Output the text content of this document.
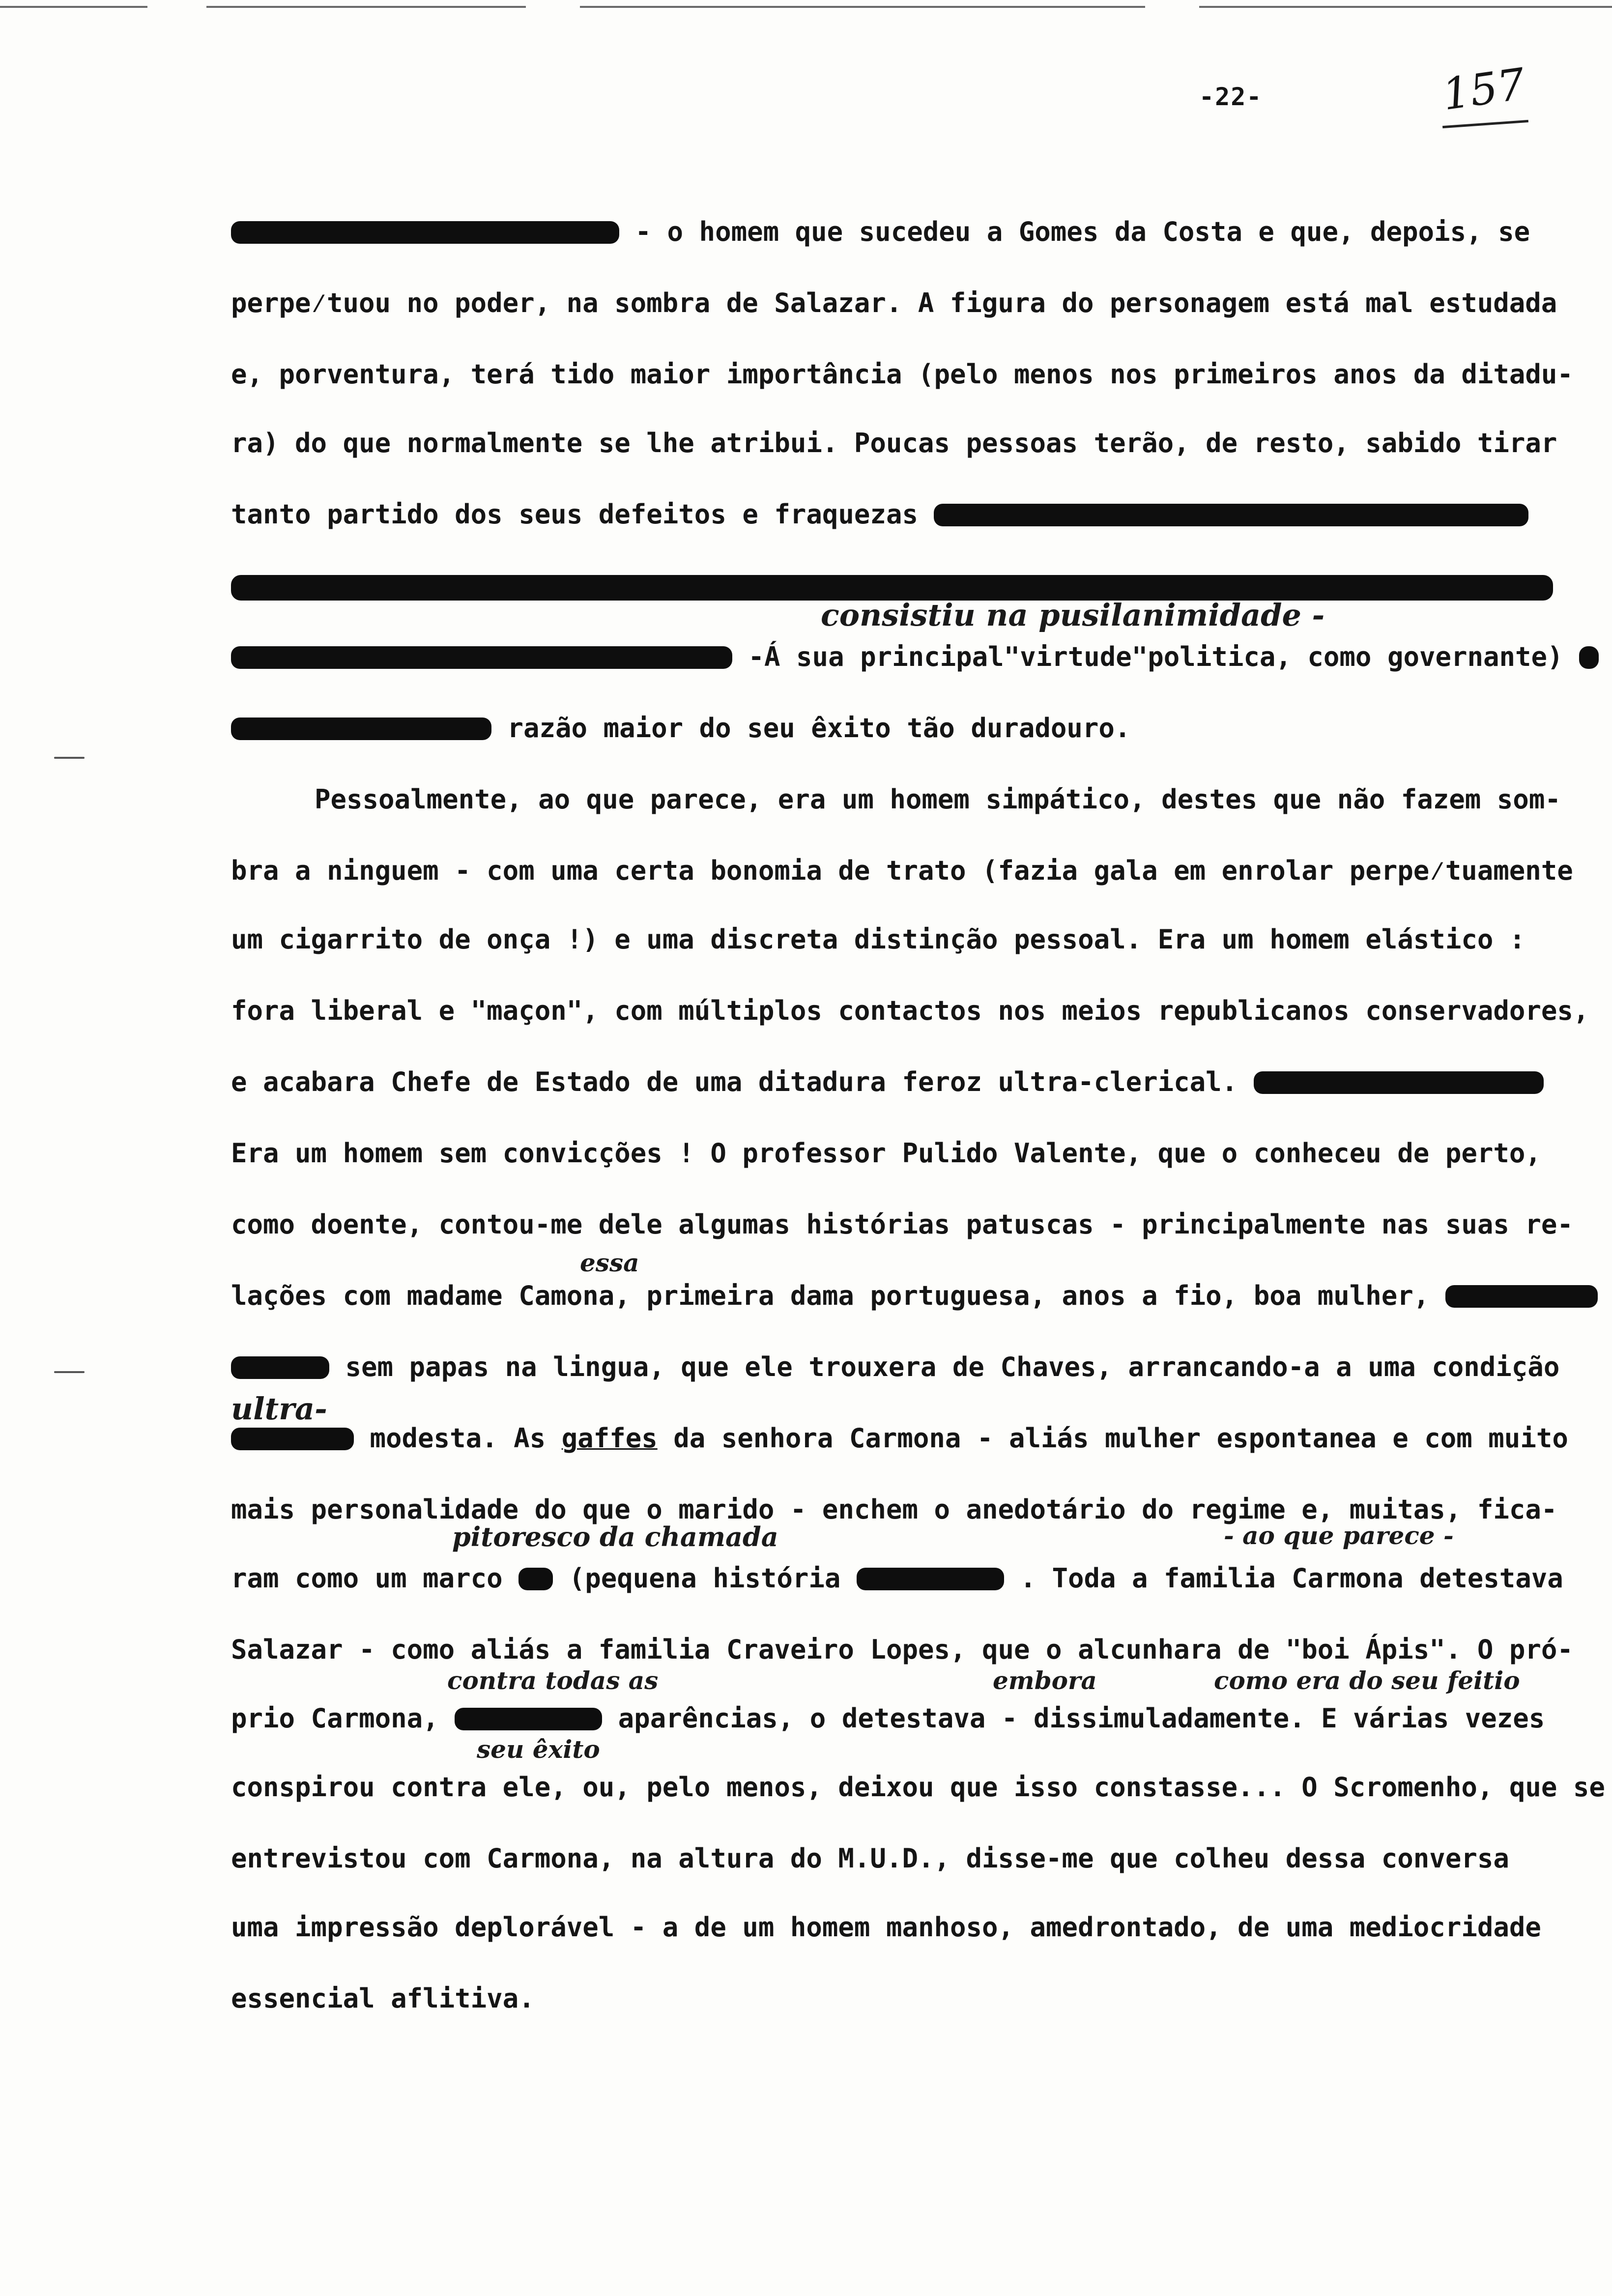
-22-	157

- o homem que sucedeu a Gomes da Costa e que, depois, se

perpe⁄tuou no poder, na sombra de Salazar. A figura do personagem está mal estudada

e, porventura, terá tido maior importância (pelo menos nos primeiros anos da ditadu-

ra) do que normalmente se lhe atribui. Poucas pessoas terão, de resto, sabido tirar

tanto partido dos seus defeitos e fraquezas

consistiu na pusilanimidade -

-Á sua principal"virtude"politica, como governante)

razão maior do seu êxito tão duradouro.

Pessoalmente, ao que parece, era um homem simpático, destes que não fazem som-

bra a ninguem - com uma certa bonomia de trato (fazia gala em enrolar perpe⁄tuamente

um cigarrito de onça !) e uma discreta distinção pessoal. Era um homem elástico :

fora liberal e "maçon", com múltiplos contactos nos meios republicanos conservadores,

e acabara Chefe de Estado de uma ditadura feroz ultra-clerical.

Era um homem sem convicções ! O professor Pulido Valente, que o conheceu de perto,

como doente, contou-me dele algumas histórias patuscas - principalmente nas suas re-

essa

lações com madame Camona, primeira dama portuguesa, anos a fio, boa mulher,

sem papas na lingua, que ele trouxera de Chaves, arrancando-a a uma condição

ultra-

modesta. As gaffes da senhora Carmona - aliás mulher espontanea e com muito

mais personalidade do que o marido - enchem o anedotário do regime e, muitas, fica-

pitoresco da chamada	- ao que parece -

ram como um marco	(pequena história	. Toda a familia Carmona detestava

Salazar - como aliás a familia Craveiro Lopes, que o alcunhara de "boi Ápis". O pró-

contra todas as	embora	como era do seu feitio

prio Carmona,	aparências, o detestava - dissimuladamente. E várias vezes

seu êxito

conspirou contra ele, ou, pelo menos, deixou que isso constasse... O Scromenho, que se

entrevistou com Carmona, na altura do M.U.D., disse-me que colheu dessa conversa

uma impressão deplorável - a de um homem manhoso, amedrontado, de uma mediocridade

essencial aflitiva.
